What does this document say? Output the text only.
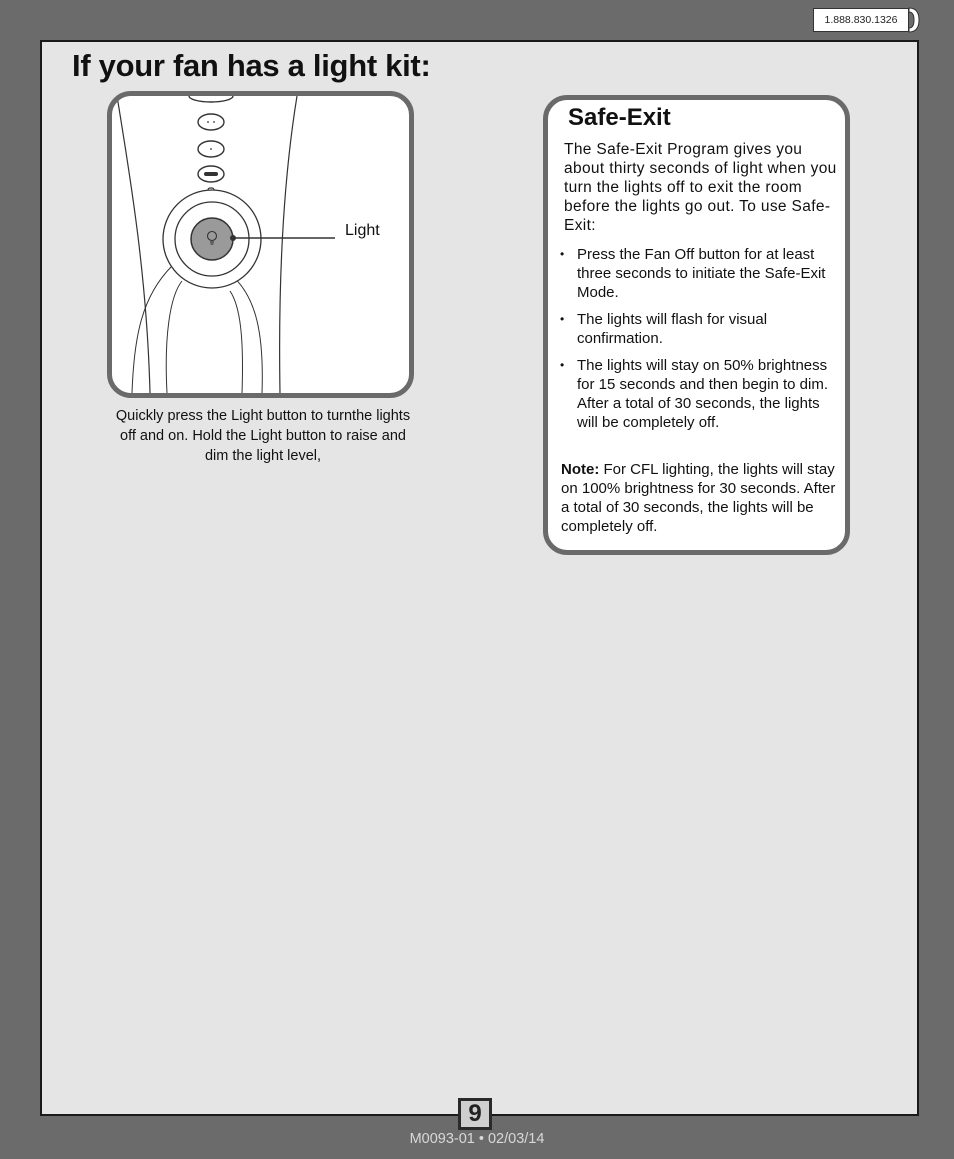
1.888.830.1326
If your fan has a light kit:
Light

Quickly press the Light button to turnthe lights off and on. Hold the Light button to raise and dim the light level,

Safe-Exit

The Safe-Exit Program gives you about thirty seconds of light when you turn the lights off to exit the room before the lights go out. To use Safe-Exit:

• Press the Fan Off button for at least three seconds to initiate the Safe-Exit Mode.
• The lights will flash for visual confirmation.
• The lights will stay on 50% brightness for 15 seconds and then begin to dim. After a total of 30 seconds, the lights will be completely off.

Note: For CFL lighting, the lights will stay on 100% brightness for 30 seconds. After a total of 30 seconds, the lights will be completely off.

9
M0093-01 • 02/03/14
